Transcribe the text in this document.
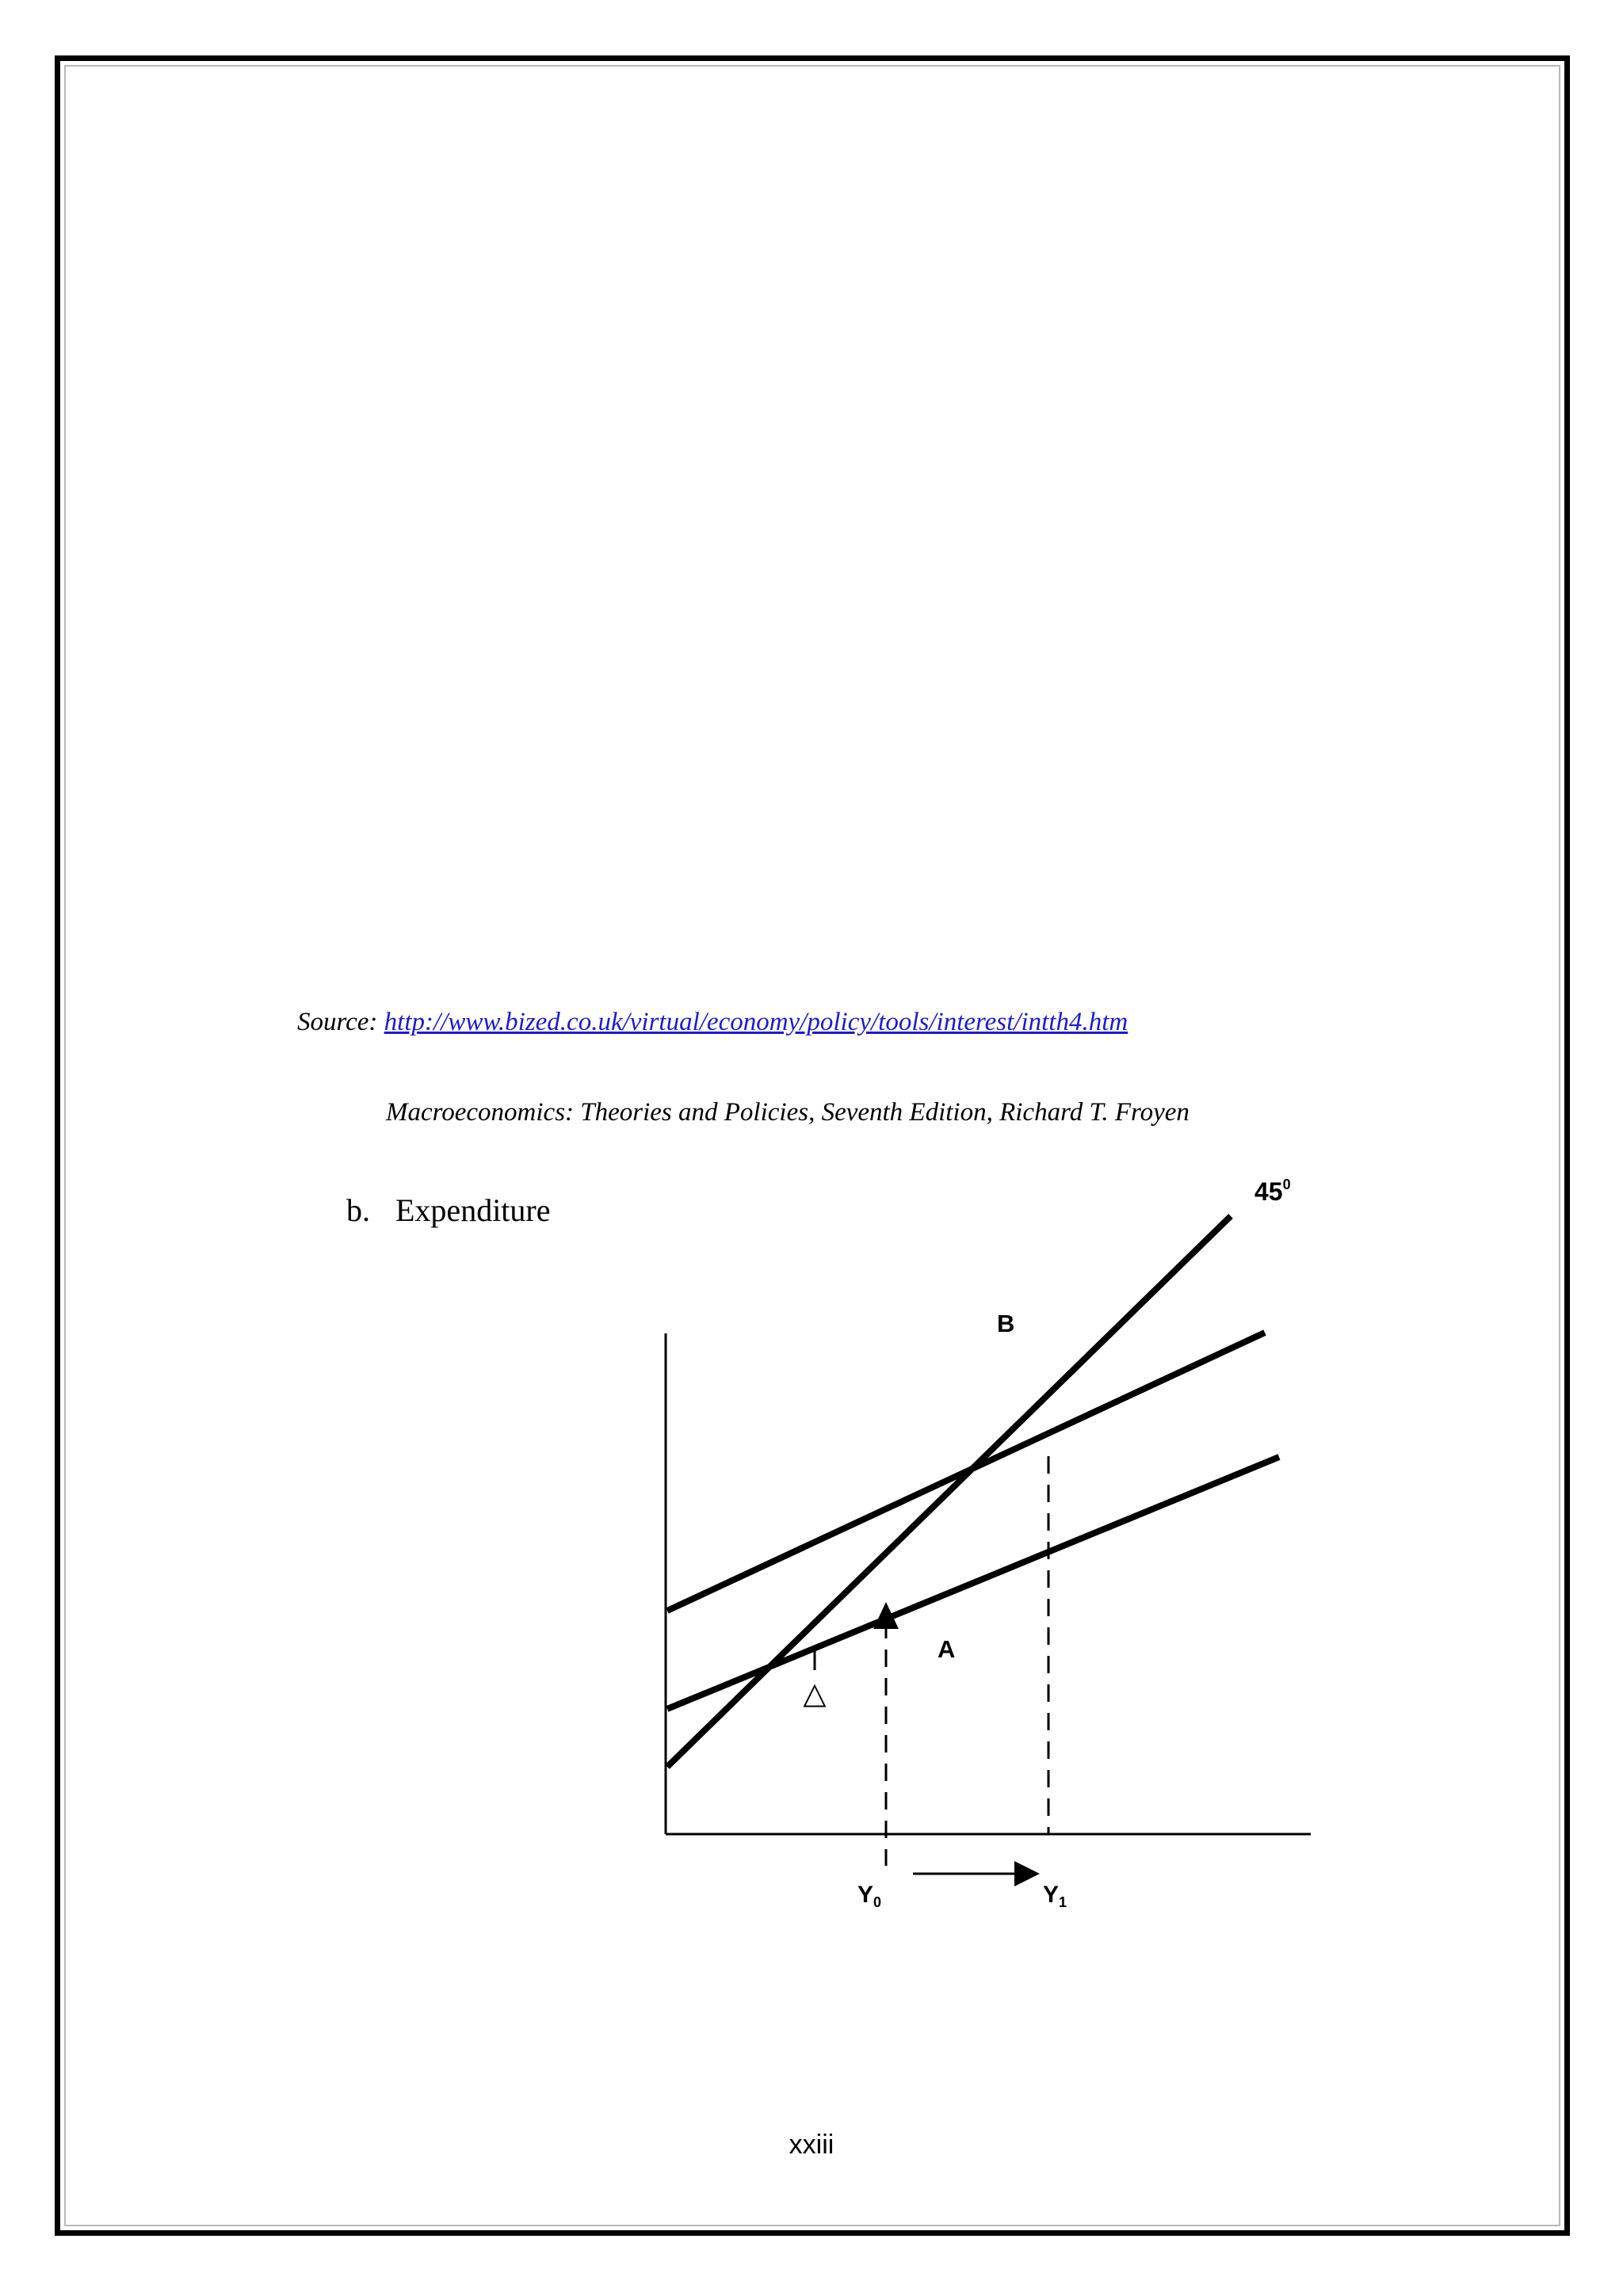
Source: http://www.bized.co.uk/virtual/economy/policy/tools/interest/intth4.htm
Macroeconomics: Theories and Policies, Seventh Edition, Richard T. Froyen
b. Expenditure
△
$45^0$
B
A
$Y_0$	$Y_1$
xxiii
